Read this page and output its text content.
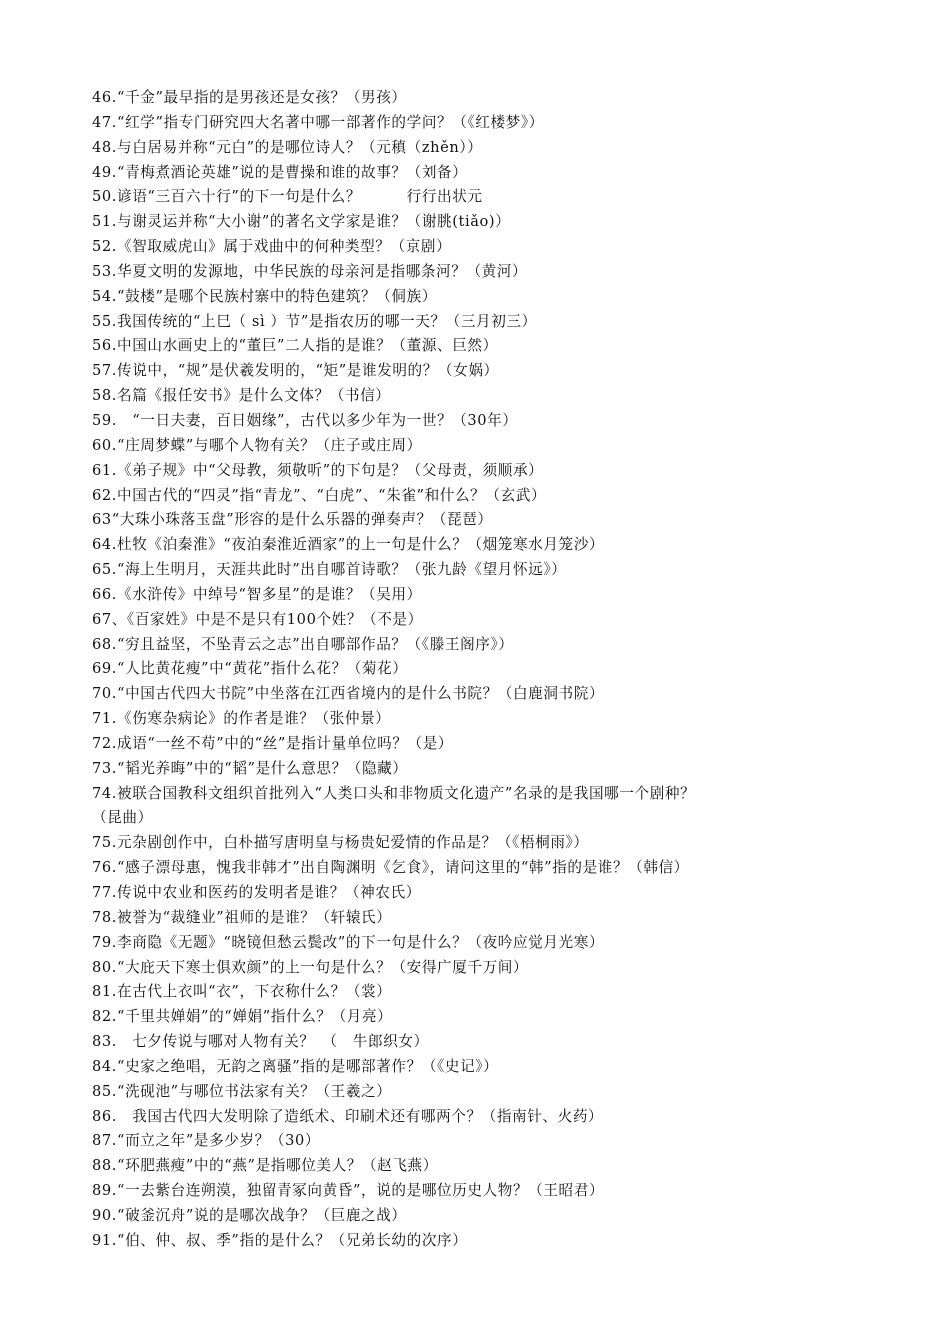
46.“千金”最早指的是男孩还是女孩？（男孩）
47.“红学”指专门研究四大名著中哪一部著作的学问？（《红楼梦》）
48.与白居易并称“元白”的是哪位诗人？（元稹（zhěn））
49.“青梅煮酒论英雄”说的是曹操和谁的故事？（刘备）
50.谚语“三百六十行”的下一句是什么？　　　行行出状元
51.与谢灵运并称“大小谢”的著名文学家是谁？（谢朓(tiǎo)）
52.《智取威虎山》属于戏曲中的何种类型？（京剧）
53.华夏文明的发源地，中华民族的母亲河是指哪条河？（黄河）
54.“鼓楼”是哪个民族村寨中的特色建筑？（侗族）
55.我国传统的“上巳（ sì ）节”是指农历的哪一天？（三月初三）
56.中国山水画史上的“董巨”二人指的是谁？（董源、巨然）
57.传说中，“规”是伏羲发明的，“矩”是谁发明的？（女娲）
58.名篇《报任安书》是什么文体？（书信）
59.　“一日夫妻，百日姻缘”，古代以多少年为一世？（30年）
60.“庄周梦蝶”与哪个人物有关？（庄子或庄周）
61.《弟子规》中“父母教，须敬听”的下句是？（父母责，须顺承）
62.中国古代的“四灵”指“青龙”、“白虎”、“朱雀”和什么？（玄武）
63“大珠小珠落玉盘”形容的是什么乐器的弹奏声？（琵琶）
64.杜牧《泊秦淮》“夜泊秦淮近酒家”的上一句是什么？（烟笼寒水月笼沙）
65.“海上生明月，天涯共此时”出自哪首诗歌？（张九龄《望月怀远》）
66.《水浒传》中绰号“智多星”的是谁？（吴用）
67、《百家姓》中是不是只有100个姓？（不是）
68.“穷且益坚，不坠青云之志”出自哪部作品？（《滕王阁序》）
69.“人比黄花瘦”中“黄花”指什么花？（菊花）
70.“中国古代四大书院”中坐落在江西省境内的是什么书院？（白鹿洞书院）
71.《伤寒杂病论》的作者是谁？（张仲景）
72.成语“一丝不苟”中的“丝”是指计量单位吗？（是）
73.“韬光养晦”中的“韬”是什么意思？（隐藏）
74.被联合国教科文组织首批列入“人类口头和非物质文化遗产”名录的是我国哪一个剧种？
（昆曲）
75.元杂剧创作中，白朴描写唐明皇与杨贵妃爱情的作品是？（《梧桐雨》）
76.“感子漂母惠，愧我非韩才”出自陶渊明《乞食》，请问这里的“韩”指的是谁？（韩信）
77.传说中农业和医药的发明者是谁？（神农氏）
78.被誉为“裁缝业”祖师的是谁？（轩辕氏）
79.李商隐《无题》“晓镜但愁云鬓改”的下一句是什么？（夜吟应觉月光寒）
80.“大庇天下寒士俱欢颜”的上一句是什么？（安得广厦千万间）
81.在古代上衣叫“衣”，下衣称什么？（裳）
82.“千里共婵娟”的“婵娟”指什么？（月亮）
83.　七夕传说与哪对人物有关？　（　牛郎织女）
84.“史家之绝唱，无韵之离骚”指的是哪部著作？（《史记》）
85.“洗砚池”与哪位书法家有关？（王羲之）
86.　我国古代四大发明除了造纸术、印刷术还有哪两个？（指南针、火药）
87.“而立之年”是多少岁？（30）
88.“环肥燕瘦”中的“燕”是指哪位美人？（赵飞燕）
89.“一去紫台连朔漠，独留青冢向黄昏”，说的是哪位历史人物？（王昭君）
90.“破釜沉舟”说的是哪次战争？（巨鹿之战）
91.“伯、仲、叔、季”指的是什么？（兄弟长幼的次序）
